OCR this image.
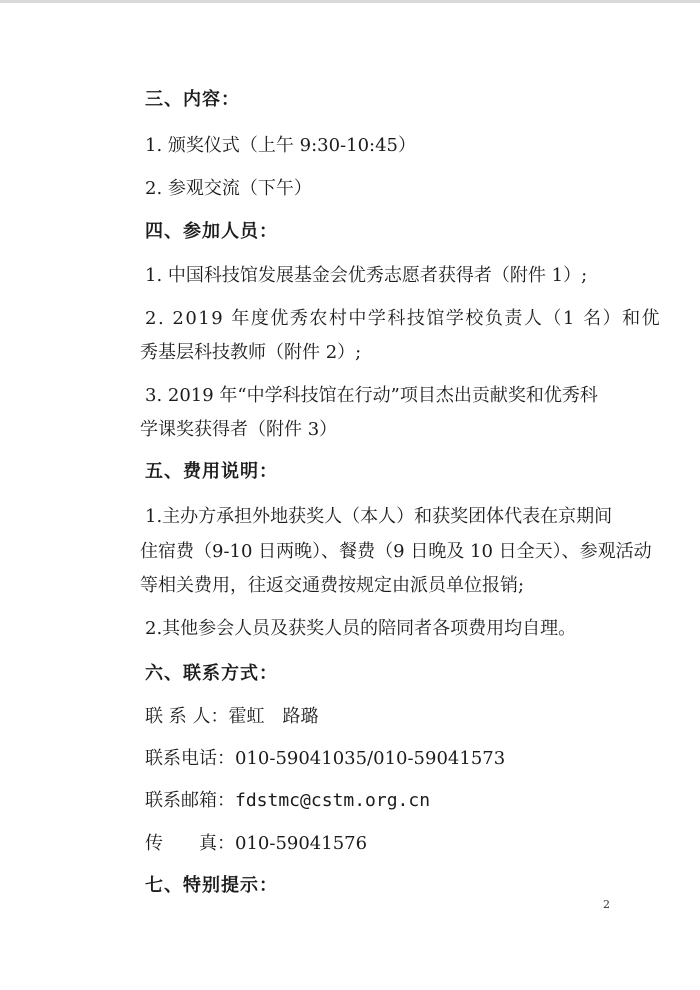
三、内容：
1. 颁奖仪式（上午 9:30-10:45）
2. 参观交流（下午）
四、参加人员：
1. 中国科技馆发展基金会优秀志愿者获得者（附件 1）;
2. 2019 年度优秀农村中学科技馆学校负责人（1 名）和优
秀基层科技教师（附件 2）;
3. 2019 年“中学科技馆在行动”项目杰出贡献奖和优秀科
学课奖获得者（附件 3）
五、费用说明：
1.主办方承担外地获奖人（本人）和获奖团体代表在京期间
住宿费（9-10 日两晚）、餐费（9 日晚及 10 日全天）、参观活动
等相关费用，往返交通费按规定由派员单位报销;
2.其他参会人员及获奖人员的陪同者各项费用均自理。
六、联系方式：
联 系 人：霍虹　路璐
联系电话：010-59041035/010-59041573
联系邮箱：fdstmc@cstm.org.cn
传　　真：010-59041576
七、特别提示：
2
